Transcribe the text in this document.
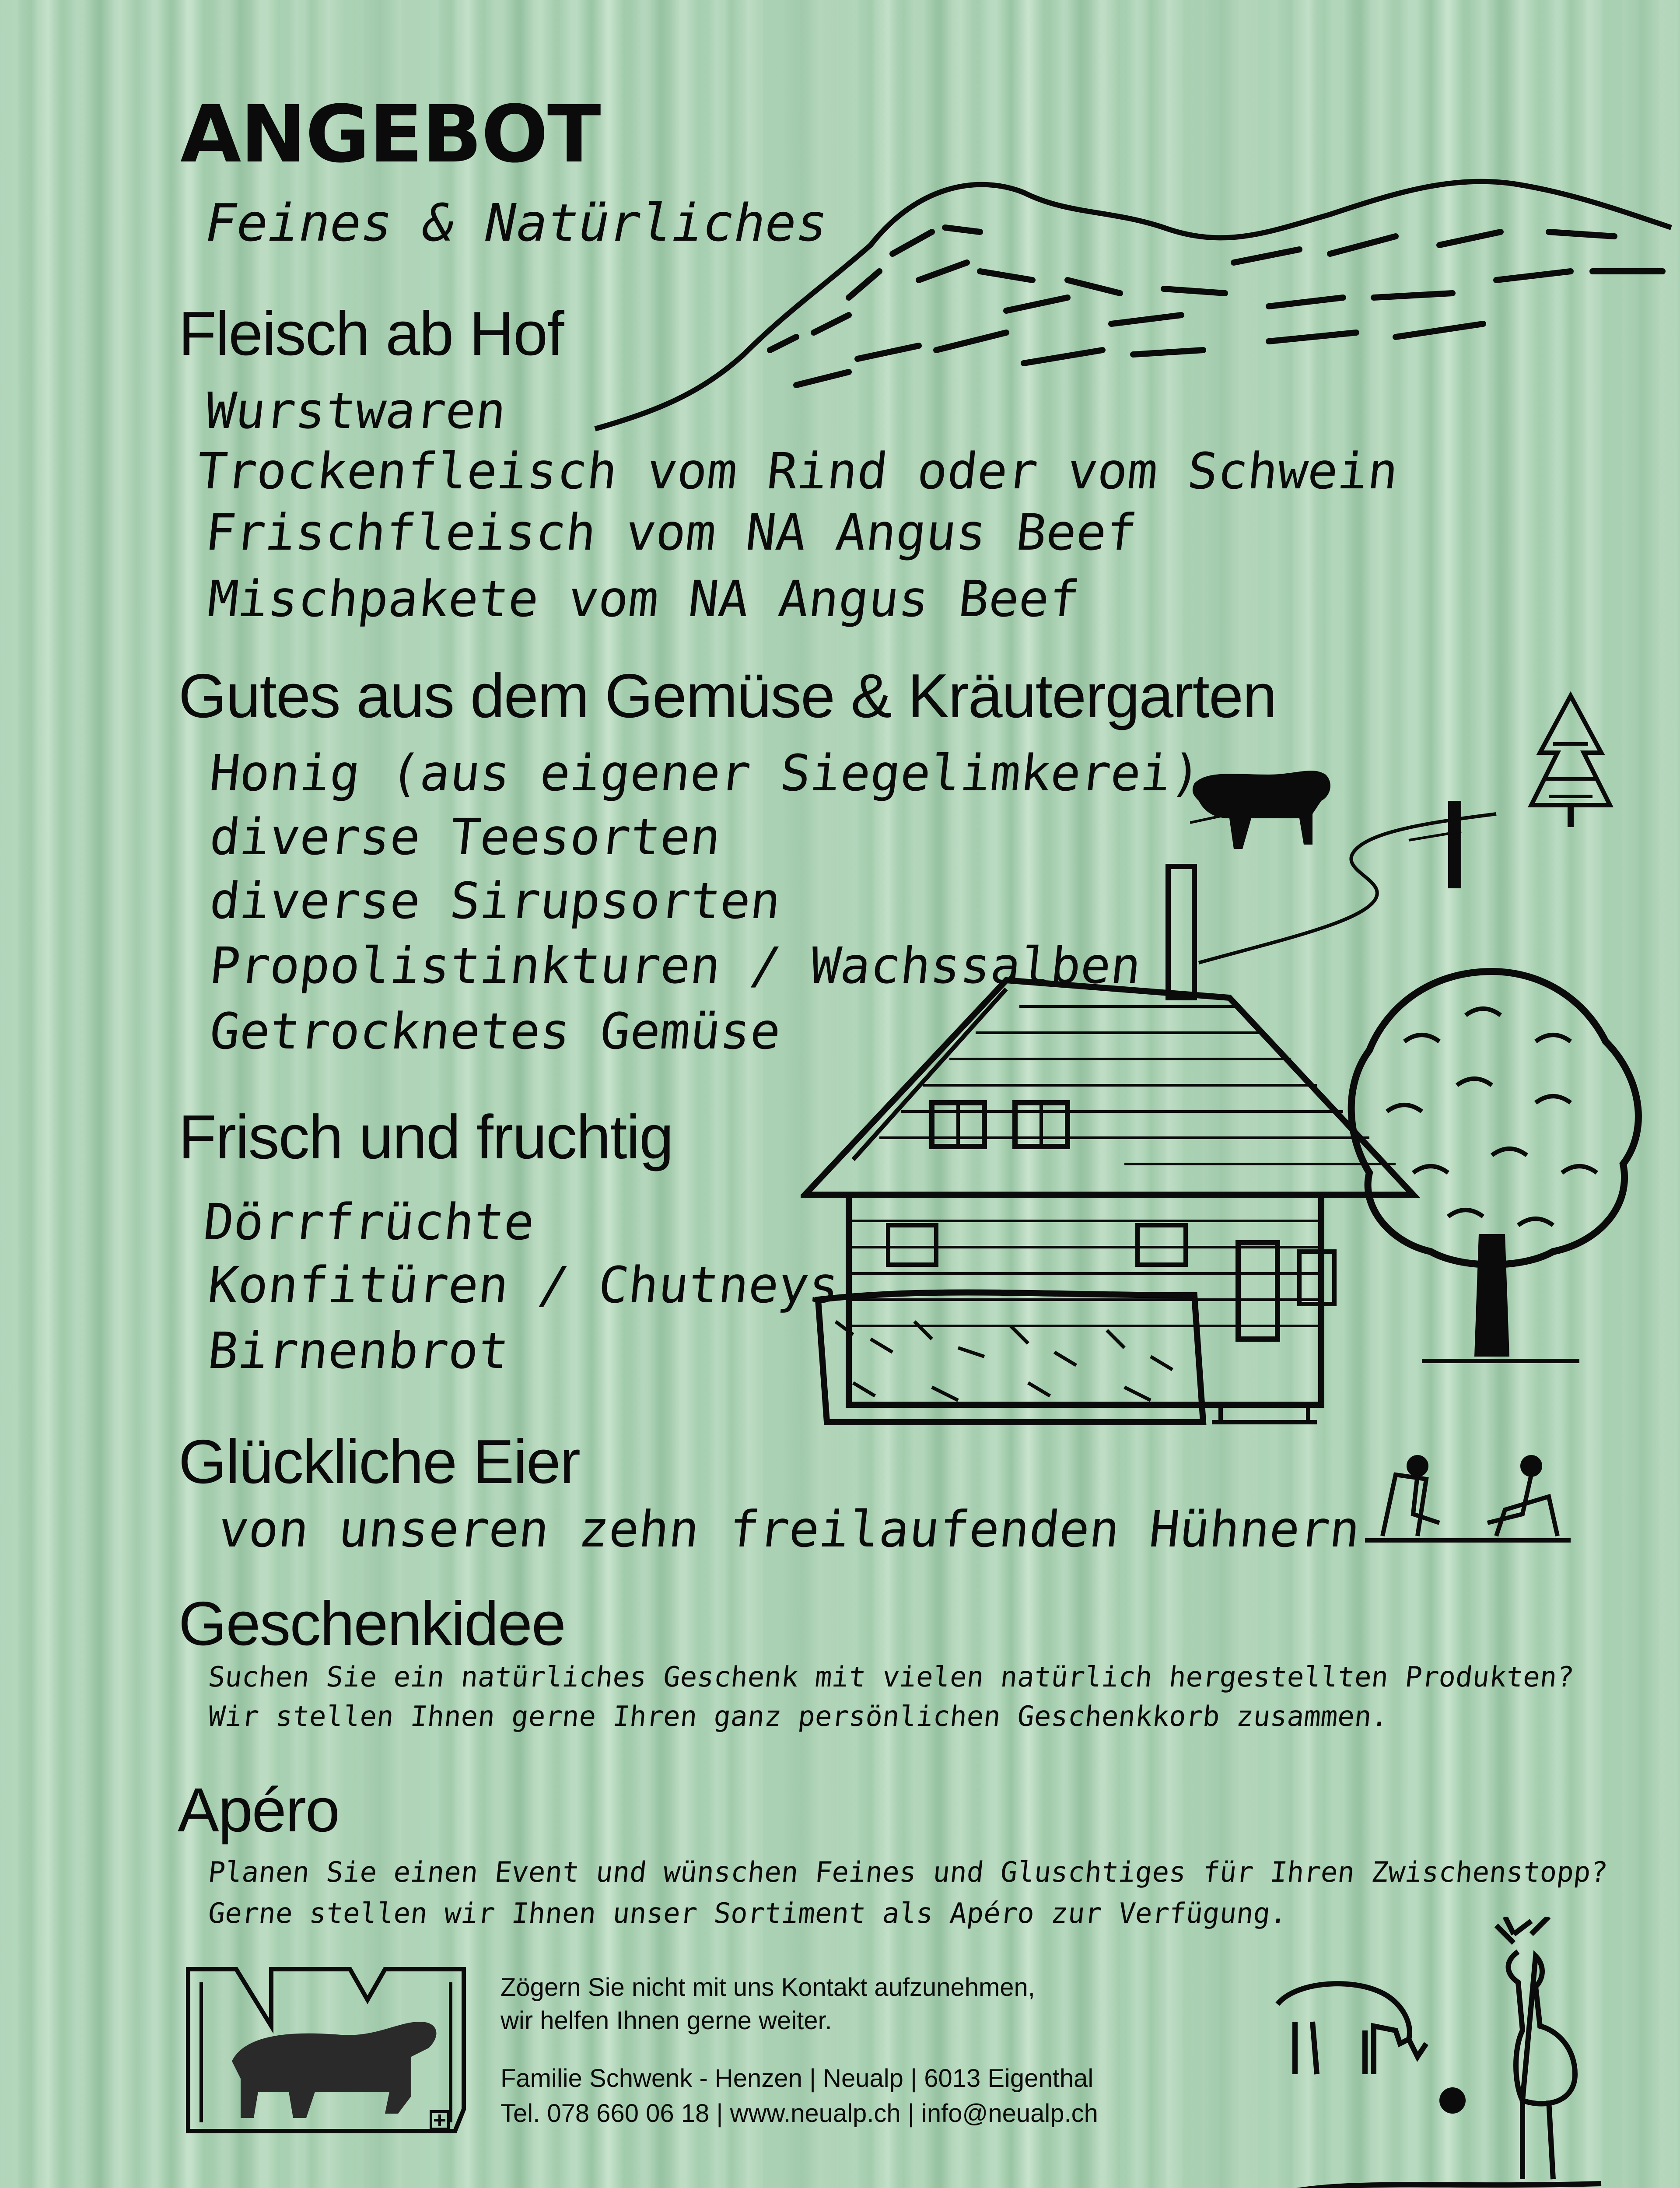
ANGEBOT
Feines & Natürliches
Fleisch ab Hof
Wurstwaren
Trockenfleisch vom Rind oder vom Schwein
Frischfleisch vom NA Angus Beef
Mischpakete vom NA Angus Beef
Gutes aus dem Gemüse & Kräutergarten
Honig (aus eigener Siegelimkerei)
diverse Teesorten
diverse Sirupsorten
Propolistinkturen / Wachssalben
Getrocknetes Gemüse
Frisch und fruchtig
Dörrfrüchte
Konfitüren / Chutneys
Birnenbrot
Glückliche Eier
von unseren zehn freilaufenden Hühnern
Geschenkidee
Suchen Sie ein natürliches Geschenk mit vielen natürlich hergestellten Produkten?
Wir stellen Ihnen gerne Ihren ganz persönlichen Geschenkkorb zusammen.
Apéro
Planen Sie einen Event und wünschen Feines und Gluschtiges für Ihren Zwischenstopp?
Gerne stellen wir Ihnen unser Sortiment als Apéro zur Verfügung.
Zögern Sie nicht mit uns Kontakt aufzunehmen,
wir helfen Ihnen gerne weiter.
Familie Schwenk - Henzen | Neualp | 6013 Eigenthal
Tel. 078 660 06 18 | www.neualp.ch | info@neualp.ch
